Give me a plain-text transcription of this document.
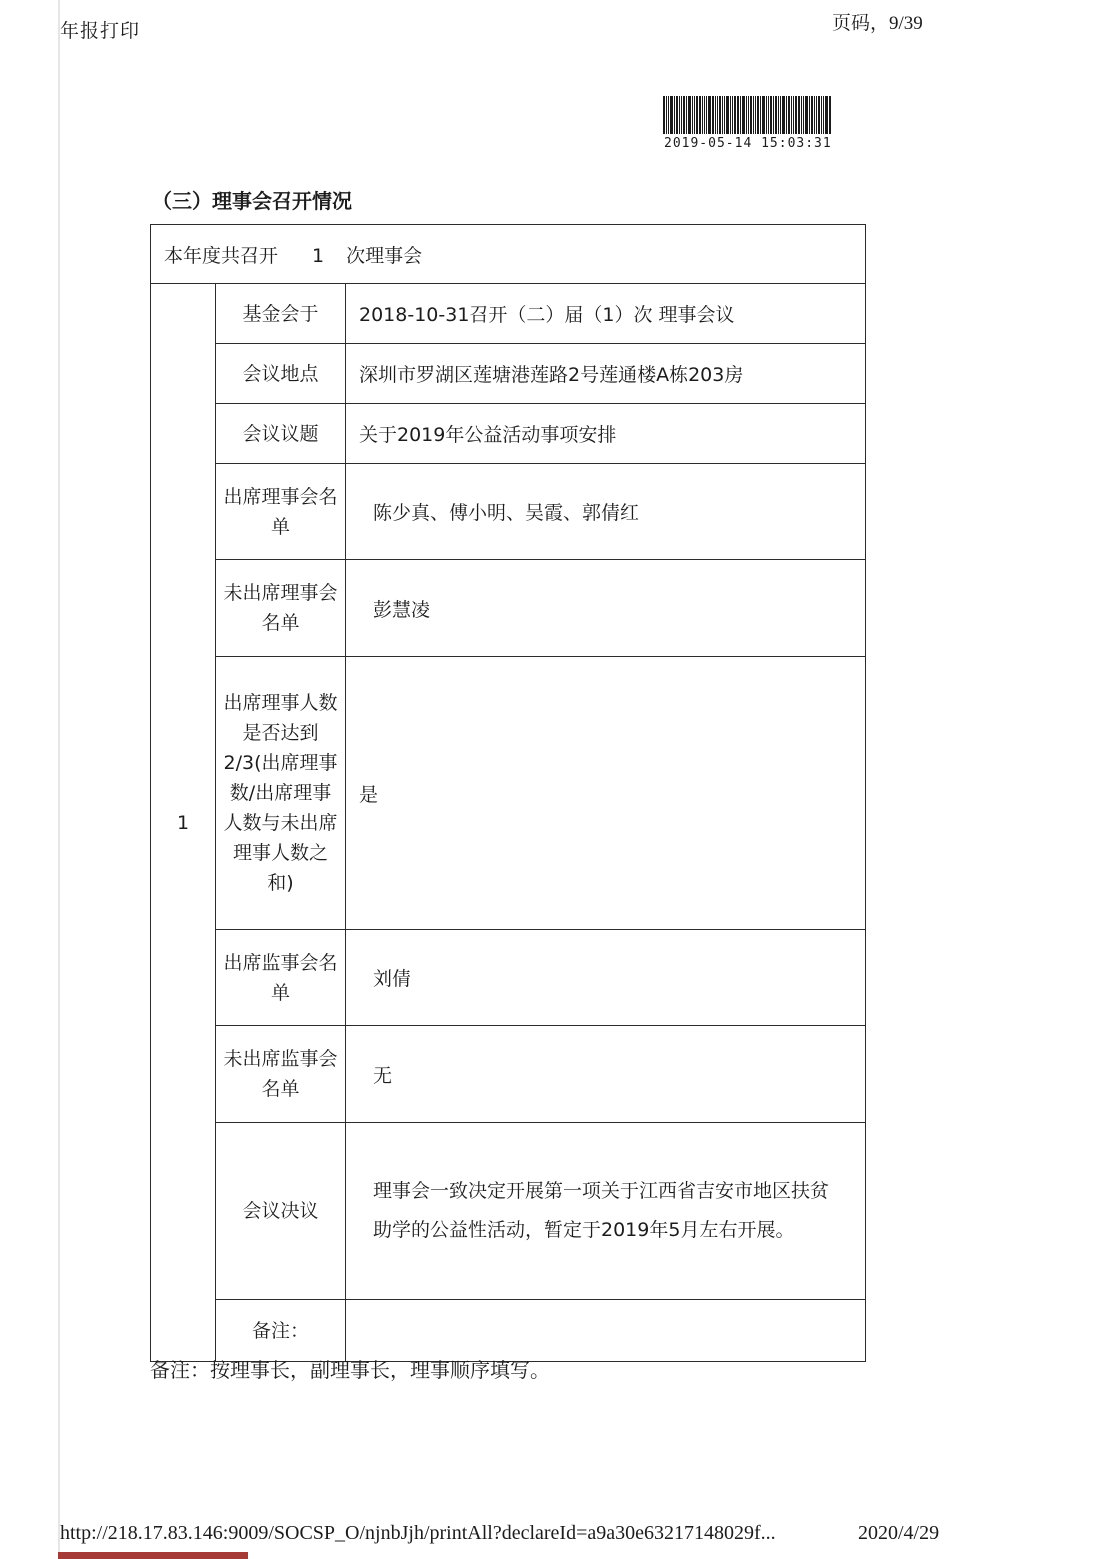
年报打印	页码，9/39
2019-05-14 15:03:31
（三）理事会召开情况
本年度共召开 1 次理事会		
1	基金会于	2018-10-31召开（二）届（1）次 理事会议
	会议地点	深圳市罗湖区莲塘港莲路2号莲通楼A栋203房
	会议议题	关于2019年公益活动事项安排
	出席理事会名单	陈少真、傅小明、吴霞、郭倩红
	未出席理事会名单	彭慧凌
	出席理事人数是否达到2/3(出席理事数/出席理事人数与未出席理事人数之和)	是
	出席监事会名单	刘倩
	未出席监事会名单	无
	会议决议	理事会一致决定开展第一项关于江西省吉安市地区扶贫助学的公益性活动，暂定于2019年5月左右开展。
	备注：	
备注：按理事长，副理事长，理事顺序填写。
http://218.17.83.146:9009/SOCSP_O/njnbJjh/printAll?declareId=a9a30e63217148029f...	2020/4/29
